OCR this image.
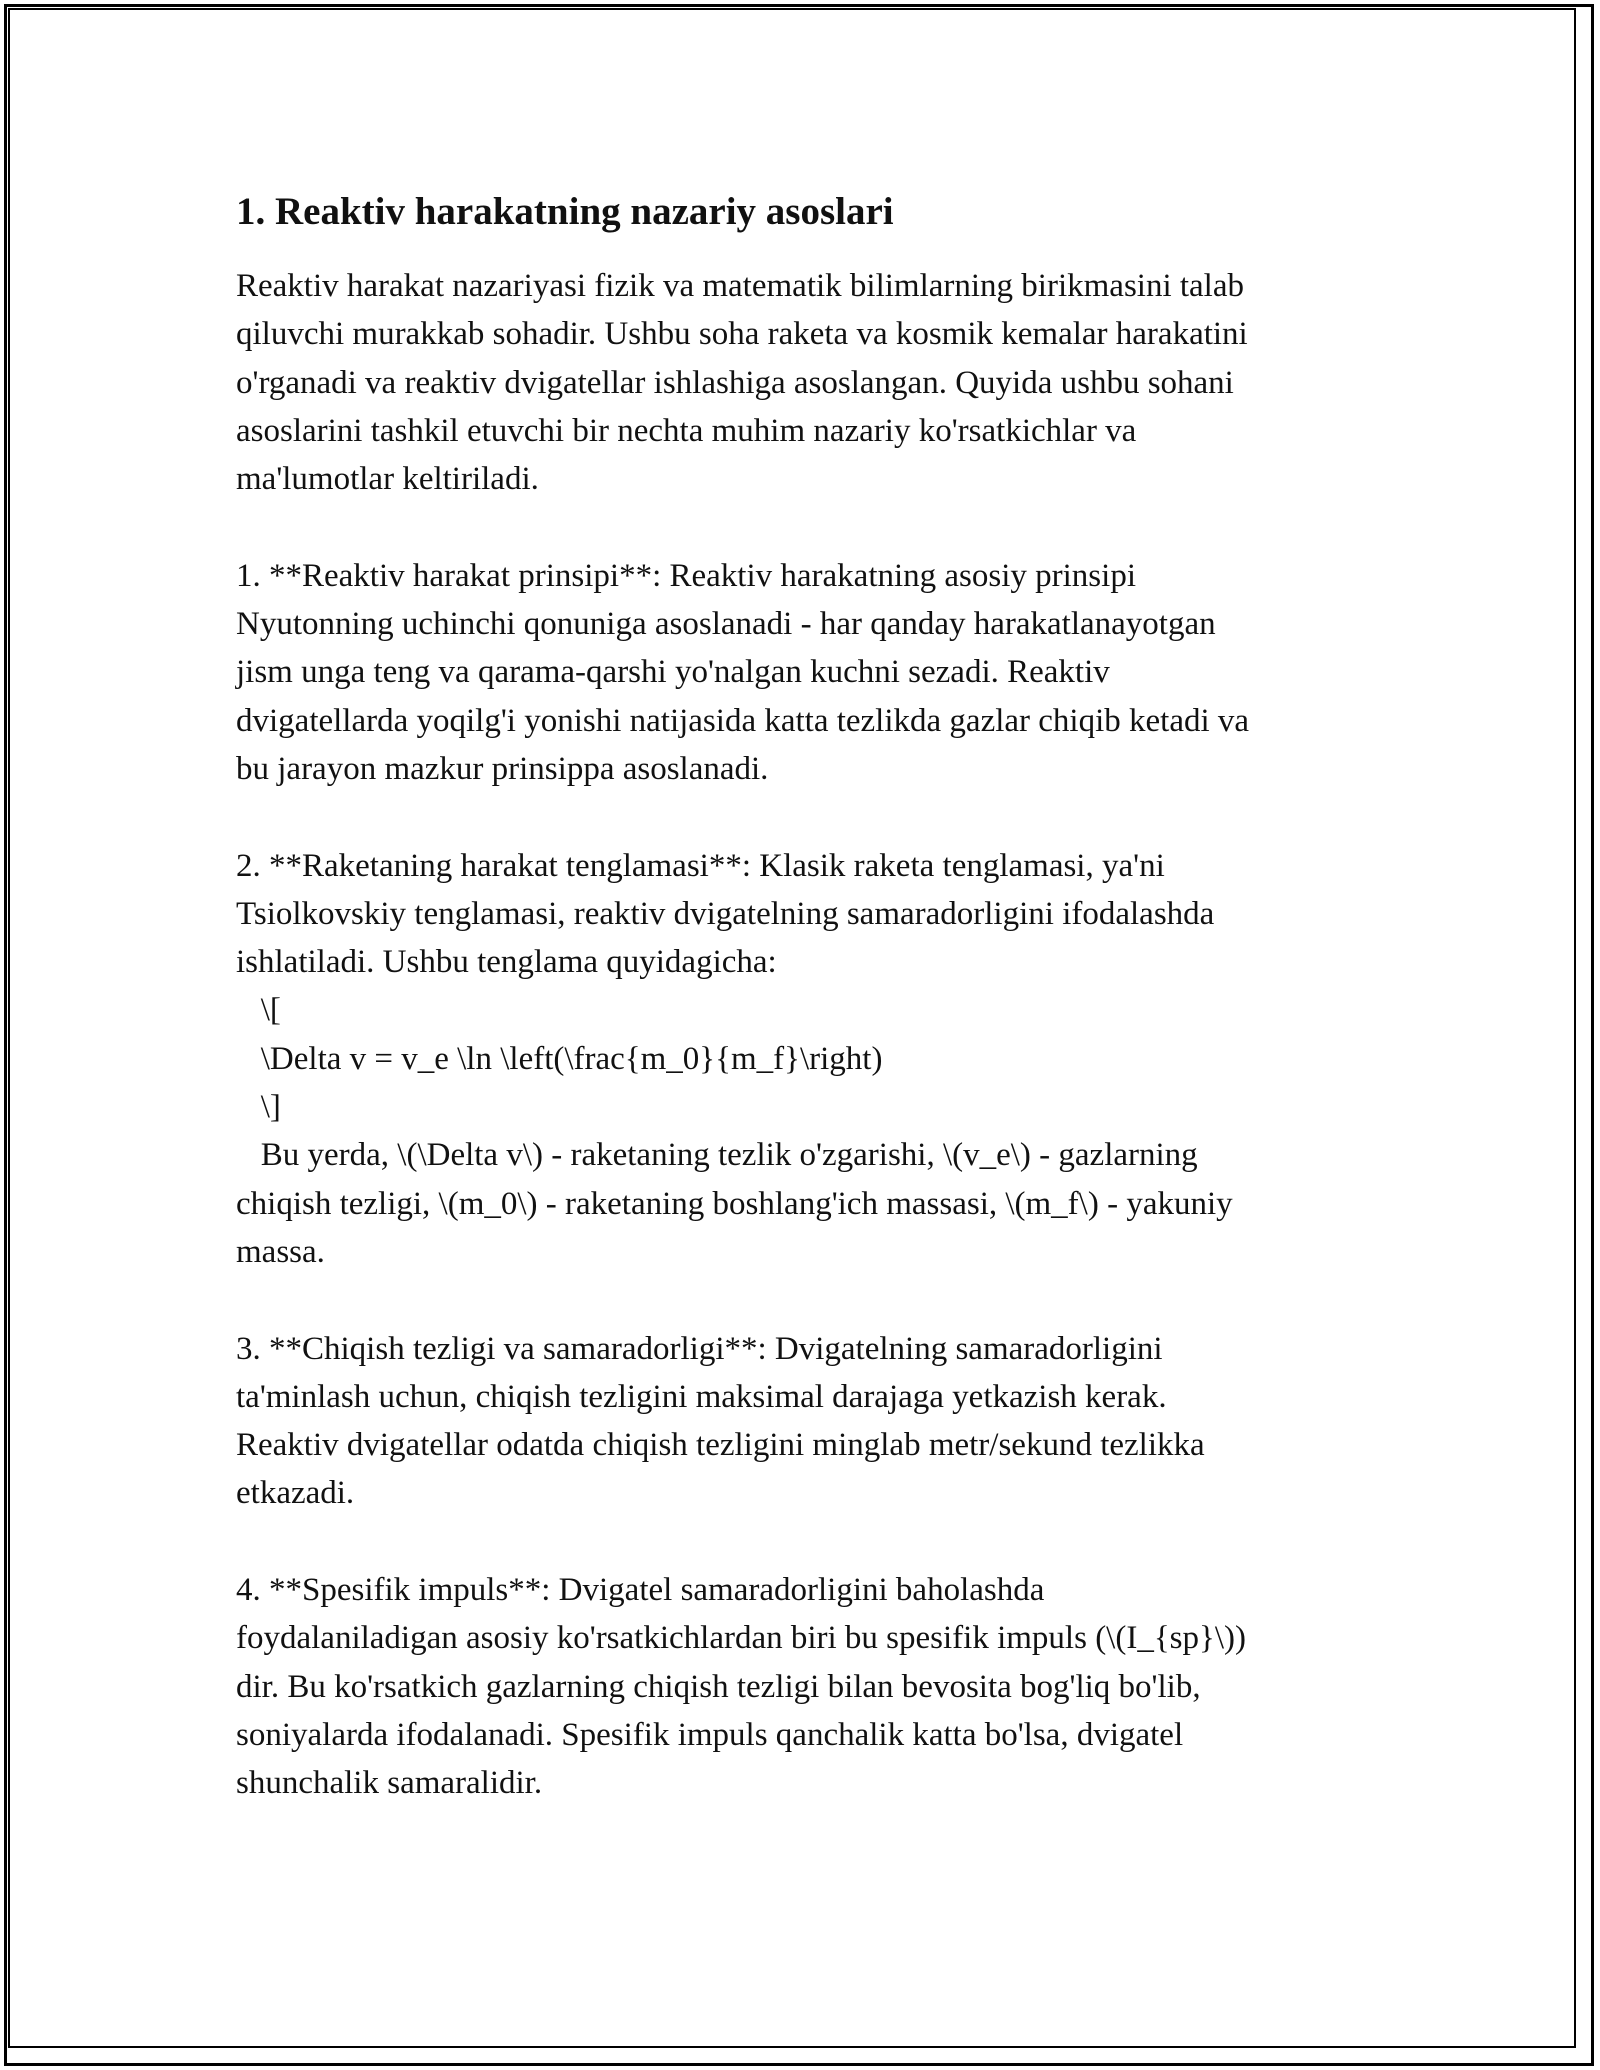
1. Reaktiv harakatning nazariy asoslari

Reaktiv harakat nazariyasi fizik va matematik bilimlarning birikmasini talab

qiluvchi murakkab sohadir. Ushbu soha raketa va kosmik kemalar harakatini

o'rganadi va reaktiv dvigatellar ishlashiga asoslangan. Quyida ushbu sohani

asoslarini tashkil etuvchi bir nechta muhim nazariy ko'rsatkichlar va

ma'lumotlar keltiriladi.

1. **Reaktiv harakat prinsipi**: Reaktiv harakatning asosiy prinsipi

Nyutonning uchinchi qonuniga asoslanadi - har qanday harakatlanayotgan

jism unga teng va qarama-qarshi yo'nalgan kuchni sezadi. Reaktiv

dvigatellarda yoqilg'i yonishi natijasida katta tezlikda gazlar chiqib ketadi va

bu jarayon mazkur prinsippa asoslanadi.

2. **Raketaning harakat tenglamasi**: Klasik raketa tenglamasi, ya'ni

Tsiolkovskiy tenglamasi, reaktiv dvigatelning samaradorligini ifodalashda

ishlatiladi. Ushbu tenglama quyidagicha:

\[

\Delta v = v_e \ln \left(\frac{m_0}{m_f}\right)

\]

Bu yerda, \(\Delta v\) - raketaning tezlik o'zgarishi, \(v_e\) - gazlarning

chiqish tezligi, \(m_0\) - raketaning boshlang'ich massasi, \(m_f\) - yakuniy

massa.

3. **Chiqish tezligi va samaradorligi**: Dvigatelning samaradorligini

ta'minlash uchun, chiqish tezligini maksimal darajaga yetkazish kerak.

Reaktiv dvigatellar odatda chiqish tezligini minglab metr/sekund tezlikka

etkazadi.

4. **Spesifik impuls**: Dvigatel samaradorligini baholashda

foydalaniladigan asosiy ko'rsatkichlardan biri bu spesifik impuls (\(I_{sp}\))

dir. Bu ko'rsatkich gazlarning chiqish tezligi bilan bevosita bog'liq bo'lib,

soniyalarda ifodalanadi. Spesifik impuls qanchalik katta bo'lsa, dvigatel

shunchalik samaralidir.
